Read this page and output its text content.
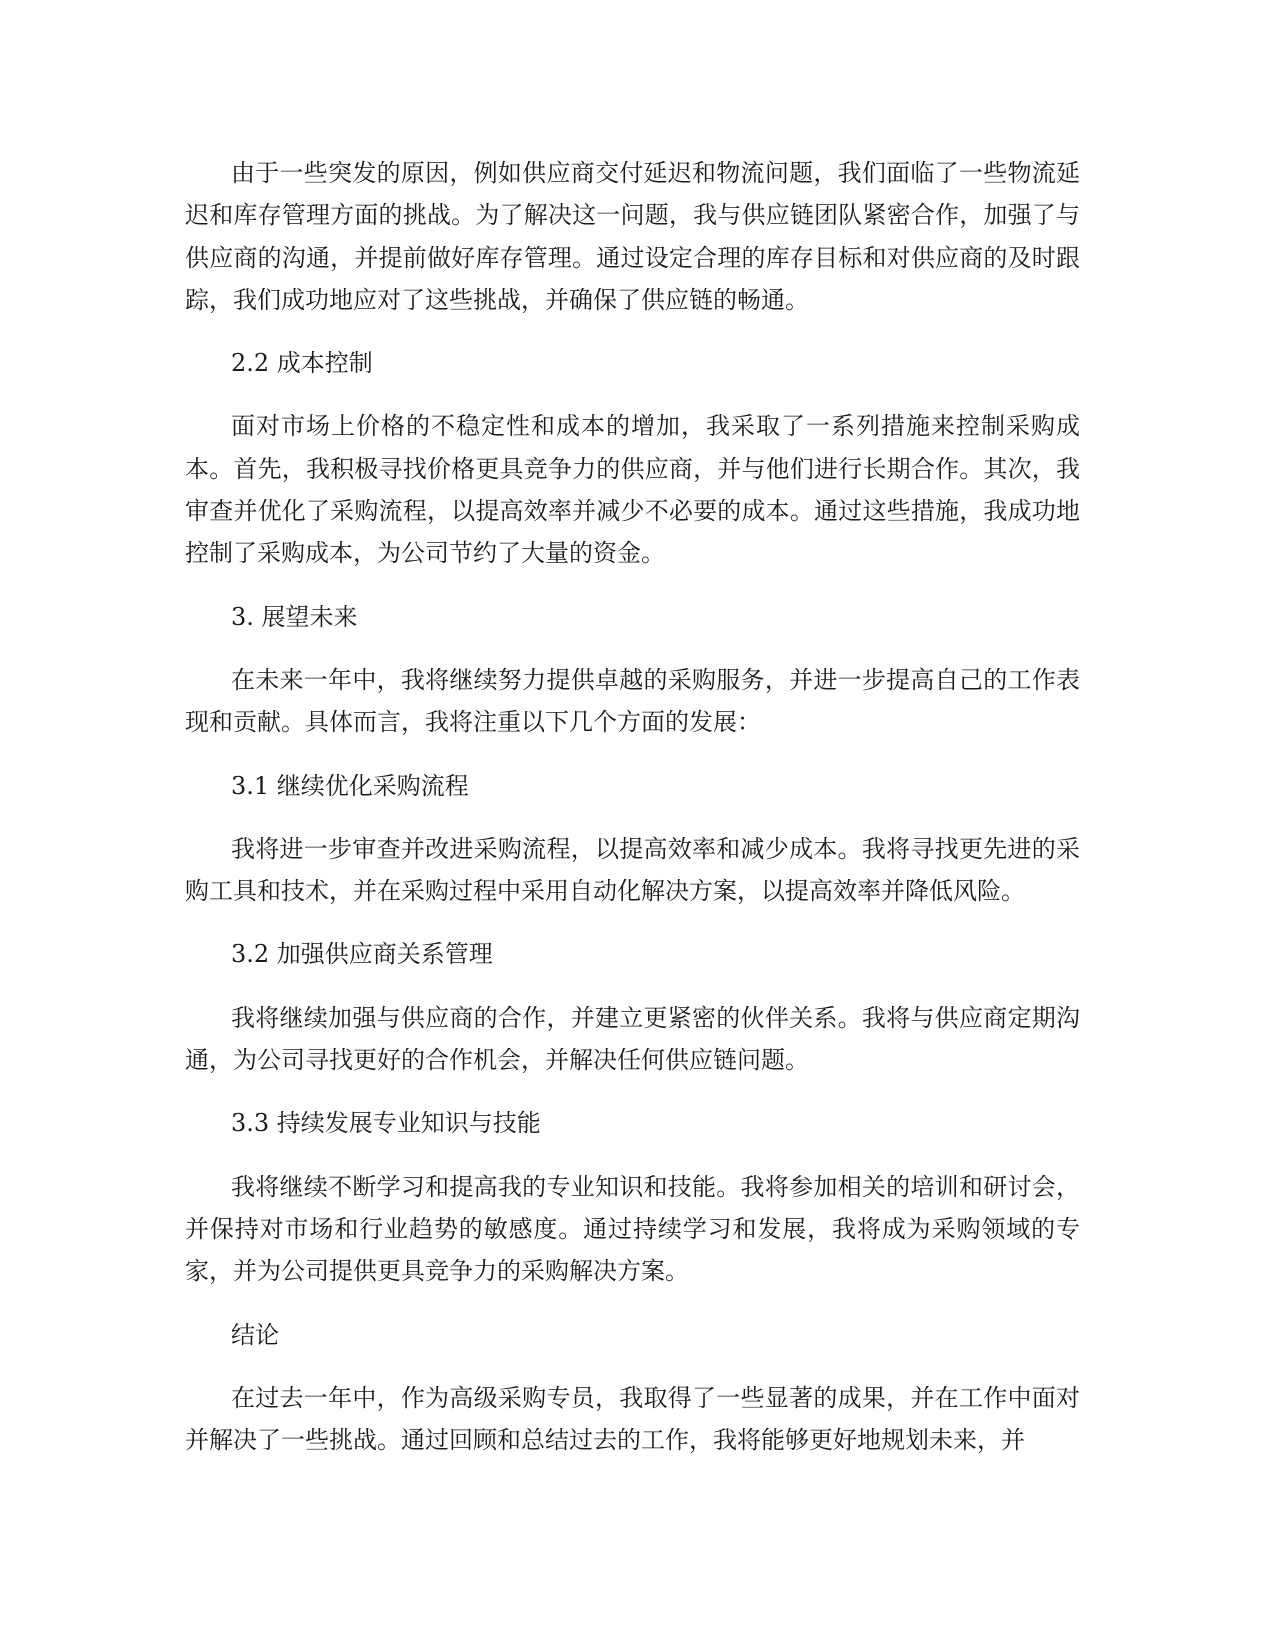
由于一些突发的原因，例如供应商交付延迟和物流问题，我们面临了一些物流延迟和库存管理方面的挑战。为了解决这一问题，我与供应链团队紧密合作，加强了与供应商的沟通，并提前做好库存管理。通过设定合理的库存目标和对供应商的及时跟踪，我们成功地应对了这些挑战，并确保了供应链的畅通。

2.2 成本控制

面对市场上价格的不稳定性和成本的增加，我采取了一系列措施来控制采购成本。首先，我积极寻找价格更具竞争力的供应商，并与他们进行长期合作。其次，我审查并优化了采购流程，以提高效率并减少不必要的成本。通过这些措施，我成功地控制了采购成本，为公司节约了大量的资金。

3. 展望未来

在未来一年中，我将继续努力提供卓越的采购服务，并进一步提高自己的工作表现和贡献。具体而言，我将注重以下几个方面的发展：

3.1 继续优化采购流程

我将进一步审查并改进采购流程，以提高效率和减少成本。我将寻找更先进的采购工具和技术，并在采购过程中采用自动化解决方案，以提高效率并降低风险。

3.2 加强供应商关系管理

我将继续加强与供应商的合作，并建立更紧密的伙伴关系。我将与供应商定期沟通，为公司寻找更好的合作机会，并解决任何供应链问题。

3.3 持续发展专业知识与技能

我将继续不断学习和提高我的专业知识和技能。我将参加相关的培训和研讨会，并保持对市场和行业趋势的敏感度。通过持续学习和发展，我将成为采购领域的专家，并为公司提供更具竞争力的采购解决方案。

结论

在过去一年中，作为高级采购专员，我取得了一些显著的成果，并在工作中面对并解决了一些挑战。通过回顾和总结过去的工作，我将能够更好地规划未来，并
